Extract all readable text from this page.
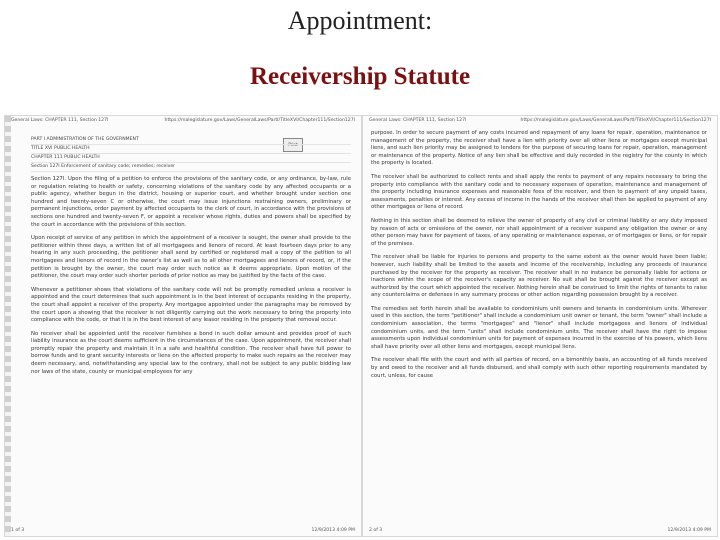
Appointment:
Receivership Statute
General Laws: CHAPTER 111, Section 127I	https://malegislature.gov/Laws/GeneralLaws/PartI/TitleXVI/Chapter111/Section127I
Print
PART I ADMINISTRATION OF THE GOVERNMENT
TITLE XVI PUBLIC HEALTH
CHAPTER 111 PUBLIC HEALTH
Section 127I Enforcement of sanitary code; remedies; receiver

Section 127I. Upon the filing of a petition to enforce the provisions of the sanitary code, or any ordinance, by-law, rule or regulation relating to health or safety, concerning violations of the sanitary code by any affected occupants or a public agency, whether begun in the district, housing or superior court, and whether brought under section one hundred and twenty-seven C or otherwise, the court may issue injunctions restraining owners, preliminary or permanent injunctions, order payment by affected occupants to the clerk of court, in accordance with the provisions of sections one hundred and twenty-seven F, or appoint a receiver whose rights, duties and powers shall be specified by the court in accordance with the provisions of this section.

Upon receipt of service of any petition in which the appointment of a receiver is sought, the owner shall provide to the petitioner within three days, a written list of all mortgagees and lienors of record. At least fourteen days prior to any hearing in any such proceeding, the petitioner shall send by certified or registered mail a copy of the petition to all mortgagees and lienors of record in the owner's list as well as to all other mortgagees and lienors of record, or, if the petition is brought by the owner, the court may order such notice as it deems appropriate. Upon motion of the petitioner, the court may order such shorter periods of prior notice as may be justified by the facts of the case.

Whenever a petitioner shows that violations of the sanitary code will not be promptly remedied unless a receiver is appointed and the court determines that such appointment is in the best interest of occupants residing in the property, the court shall appoint a receiver of the property. Any mortgagee appointed under the paragraphs may be removed by the court upon a showing that the receiver is not diligently carrying out the work necessary to bring the property into compliance with the code, or that it is in the best interest of any leasor residing in the property that removal occur.

No receiver shall be appointed until the receiver furnishes a bond in such dollar amount and provides proof of such liability insurance as the court deems sufficient in the circumstances of the case. Upon appointment, the receiver shall promptly repair the property and maintain it in a safe and healthful condition. The receiver shall have full power to borrow funds and to grant security interests or liens on the affected property to make such repairs as the receiver may deem necessary, and, notwithstanding any special law to the contrary, shall not be subject to any public bidding law nor laws of the state, county or municipal employees for any

1 of 3	12/9/2013 4:09 PM
General Laws: CHAPTER 111, Section 127I	https://malegislature.gov/Laws/GeneralLaws/PartI/TitleXVI/Chapter111/Section127I

purpose. In order to secure payment of any costs incurred and repayment of any loans for repair, operation, maintenance or management of the property, the receiver shall have a lien with priority over all other liens or mortgages except municipal liens, and such lien priority may be assigned to lenders for the purpose of securing loans for repair, operation, management or maintenance of the property. Notice of any lien shall be effective and duly recorded in the registry for the county in which the property is located.

The receiver shall be authorized to collect rents and shall apply the rents to payment of any repairs necessary to bring the property into compliance with the sanitary code and to necessary expenses of operation, maintenance and management of the property including insurance expenses and reasonable fees of the receiver, and then to payment of any unpaid taxes, assessments, penalties or interest. Any excess of income in the hands of the receiver shall then be applied to payment of any other mortgages or liens of record.

Nothing in this section shall be deemed to relieve the owner of property of any civil or criminal liability or any duty imposed by reason of acts or omissions of the owner, nor shall appointment of a receiver suspend any obligation the owner or any other person may have for payment of taxes, of any operating or maintenance expense, or of mortgages or liens, or for repair of the premises.

The receiver shall be liable for injuries to persons and property to the same extent as the owner would have been liable; however, such liability shall be limited to the assets and income of the receivership, including any proceeds of insurance purchased by the receiver for the property as receiver. The receiver shall in no instance be personally liable for actions or inactions within the scope of the receiver's capacity as receiver. No suit shall be brought against the receiver except as authorized by the court which appointed the receiver. Nothing herein shall be construed to limit the rights of tenants to raise any counterclaims or defenses in any summary process or other action regarding possession brought by a receiver.

The remedies set forth herein shall be available to condominium unit owners and tenants in condominium units. Wherever used in this section, the term "petitioner" shall include a condominium unit owner or tenant, the term "owner" shall include a condominium association, the terms "mortgagee" and "lienor" shall include mortgagees and lienors of individual condominium units, and the term "units" shall include condominium units. The receiver shall have the right to impose assessments upon individual condominium units for payment of expenses incurred in the exercise of his powers, which liens shall have priority over all other liens and mortgages, except municipal liens.

The receiver shall file with the court and with all parties of record, on a bimonthly basis, an accounting of all funds received by and owed to the receiver and all funds disbursed, and shall comply with such other reporting requirements mandated by court, unless, for cause

2 of 3	12/9/2013 4:09 PM
